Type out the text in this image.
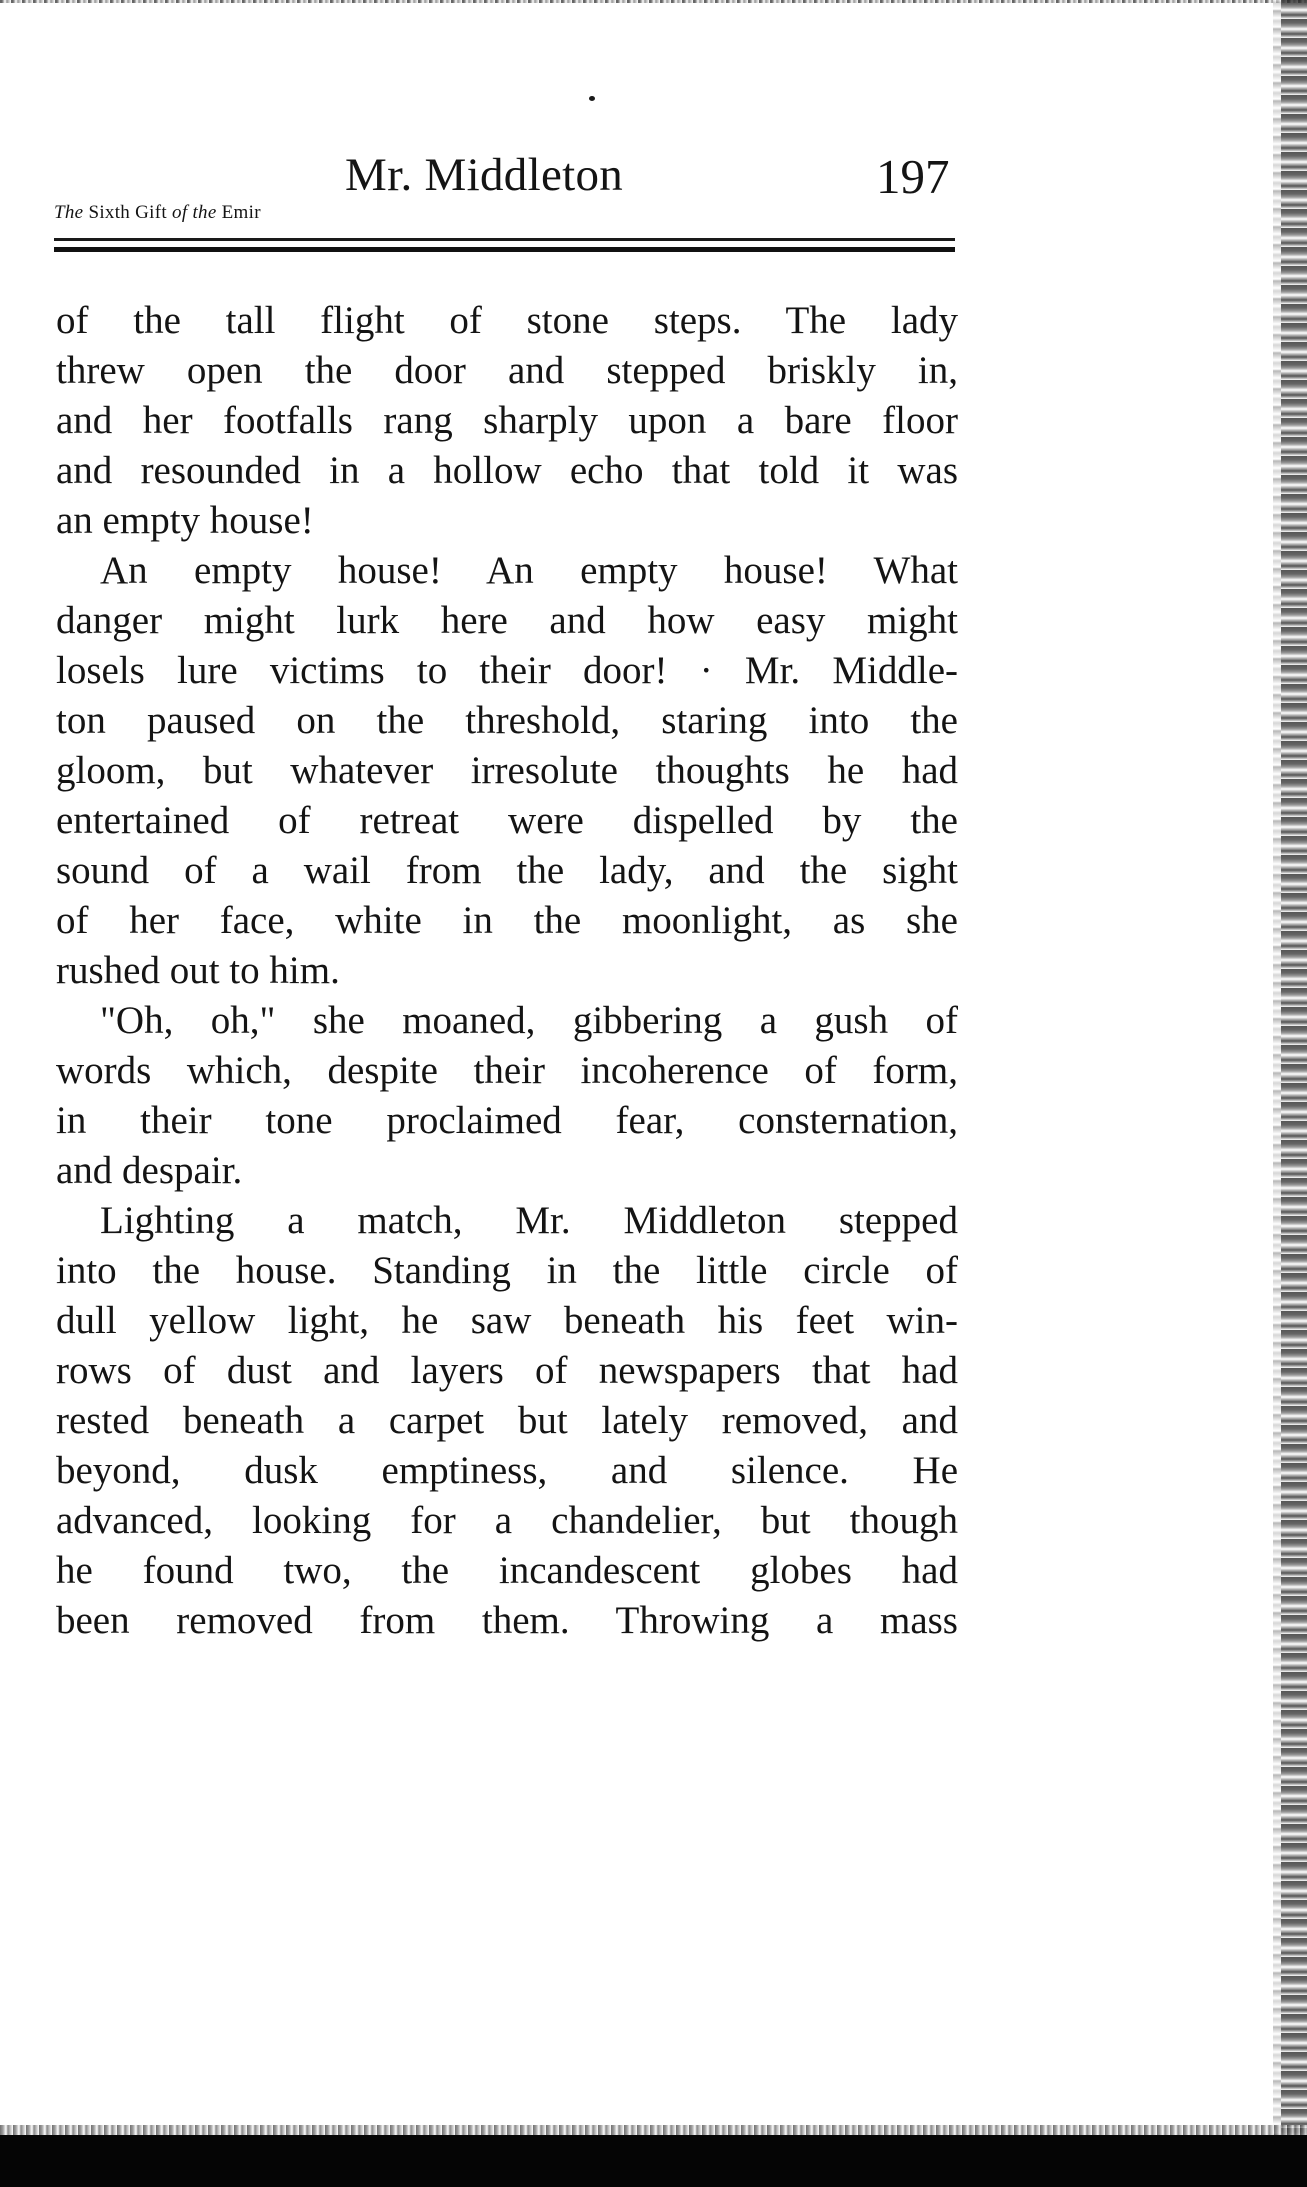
Mr. Middleton	197
The Sixth Gift of the Emir
of the tall flight of stone steps. The lady
threw open the door and stepped briskly in,
and her footfalls rang sharply upon a bare floor
and resounded in a hollow echo that told it was
an empty house!
An empty house! An empty house! What
danger might lurk here and how easy might
losels lure victims to their door! · Mr. Middle-
ton paused on the threshold, staring into the
gloom, but whatever irresolute thoughts he had
entertained of retreat were dispelled by the
sound of a wail from the lady, and the sight
of her face, white in the moonlight, as she
rushed out to him.
"Oh, oh," she moaned, gibbering a gush of
words which, despite their incoherence of form,
in their tone proclaimed fear, consternation,
and despair.
Lighting a match, Mr. Middleton stepped
into the house. Standing in the little circle of
dull yellow light, he saw beneath his feet win-
rows of dust and layers of newspapers that had
rested beneath a carpet but lately removed, and
beyond, dusk emptiness, and silence. He
advanced, looking for a chandelier, but though
he found two, the incandescent globes had
been removed from them. Throwing a mass
